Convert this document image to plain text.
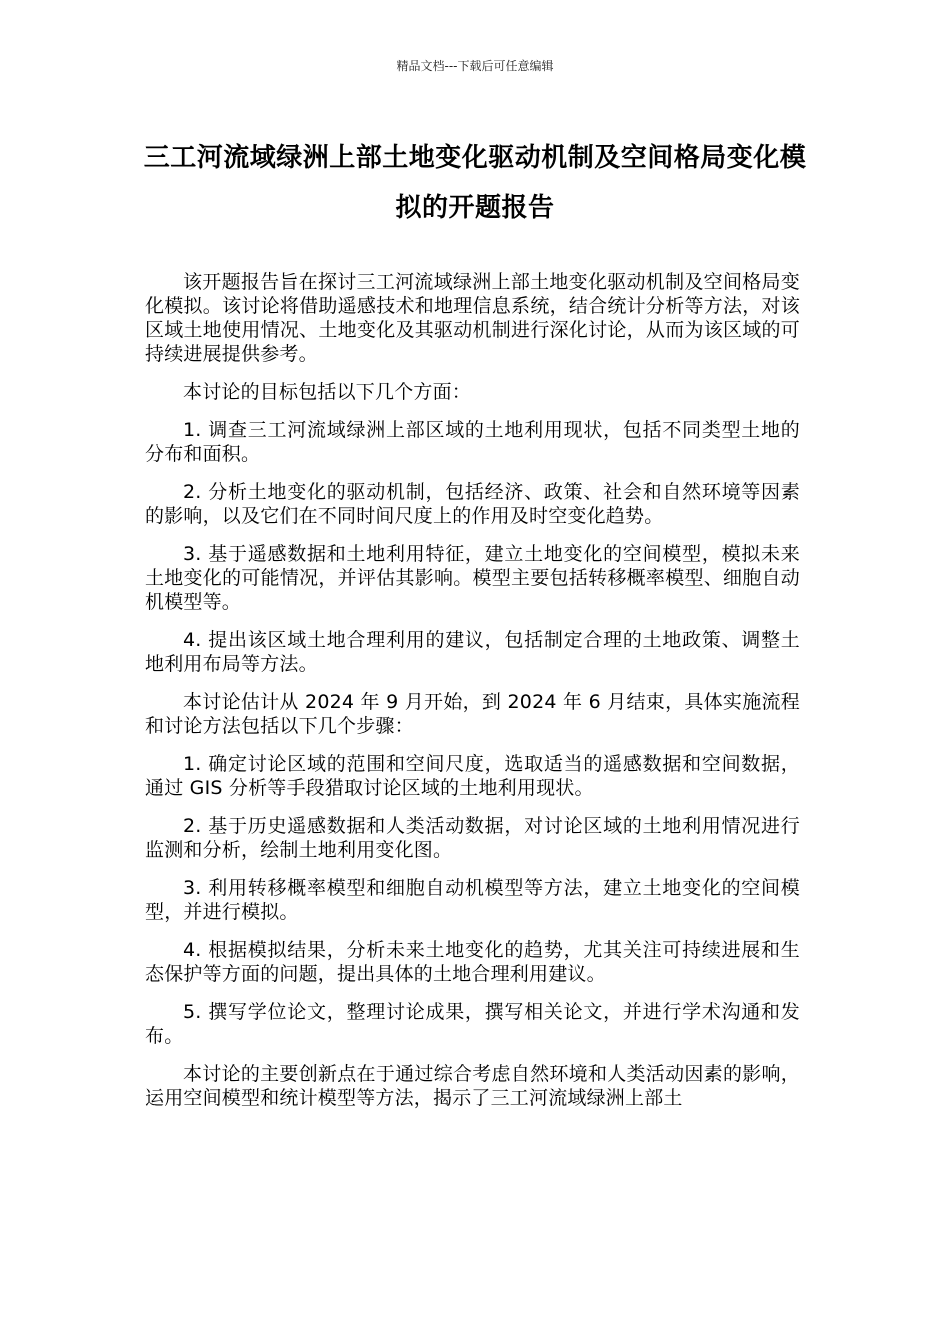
精品文档---下载后可任意编辑
三工河流域绿洲上部土地变化驱动机制及空间格局变化模拟的开题报告

该开题报告旨在探讨三工河流域绿洲上部土地变化驱动机制及空间格局变化模拟。该讨论将借助遥感技术和地理信息系统，结合统计分析等方法，对该区域土地使用情况、土地变化及其驱动机制进行深化讨论，从而为该区域的可持续进展提供参考。

本讨论的目标包括以下几个方面：

1. 调查三工河流域绿洲上部区域的土地利用现状，包括不同类型土地的分布和面积。

2. 分析土地变化的驱动机制，包括经济、政策、社会和自然环境等因素的影响，以及它们在不同时间尺度上的作用及时空变化趋势。

3. 基于遥感数据和土地利用特征，建立土地变化的空间模型，模拟未来土地变化的可能情况，并评估其影响。模型主要包括转移概率模型、细胞自动机模型等。

4. 提出该区域土地合理利用的建议，包括制定合理的土地政策、调整土地利用布局等方法。

本讨论估计从 2024 年 9 月开始，到 2024 年 6 月结束，具体实施流程和讨论方法包括以下几个步骤：

1. 确定讨论区域的范围和空间尺度，选取适当的遥感数据和空间数据，通过 GIS 分析等手段猎取讨论区域的土地利用现状。

2. 基于历史遥感数据和人类活动数据，对讨论区域的土地利用情况进行监测和分析，绘制土地利用变化图。

3. 利用转移概率模型和细胞自动机模型等方法，建立土地变化的空间模型，并进行模拟。

4. 根据模拟结果，分析未来土地变化的趋势，尤其关注可持续进展和生态保护等方面的问题，提出具体的土地合理利用建议。

5. 撰写学位论文，整理讨论成果，撰写相关论文，并进行学术沟通和发布。

本讨论的主要创新点在于通过综合考虑自然环境和人类活动因素的影响，运用空间模型和统计模型等方法，揭示了三工河流域绿洲上部土
